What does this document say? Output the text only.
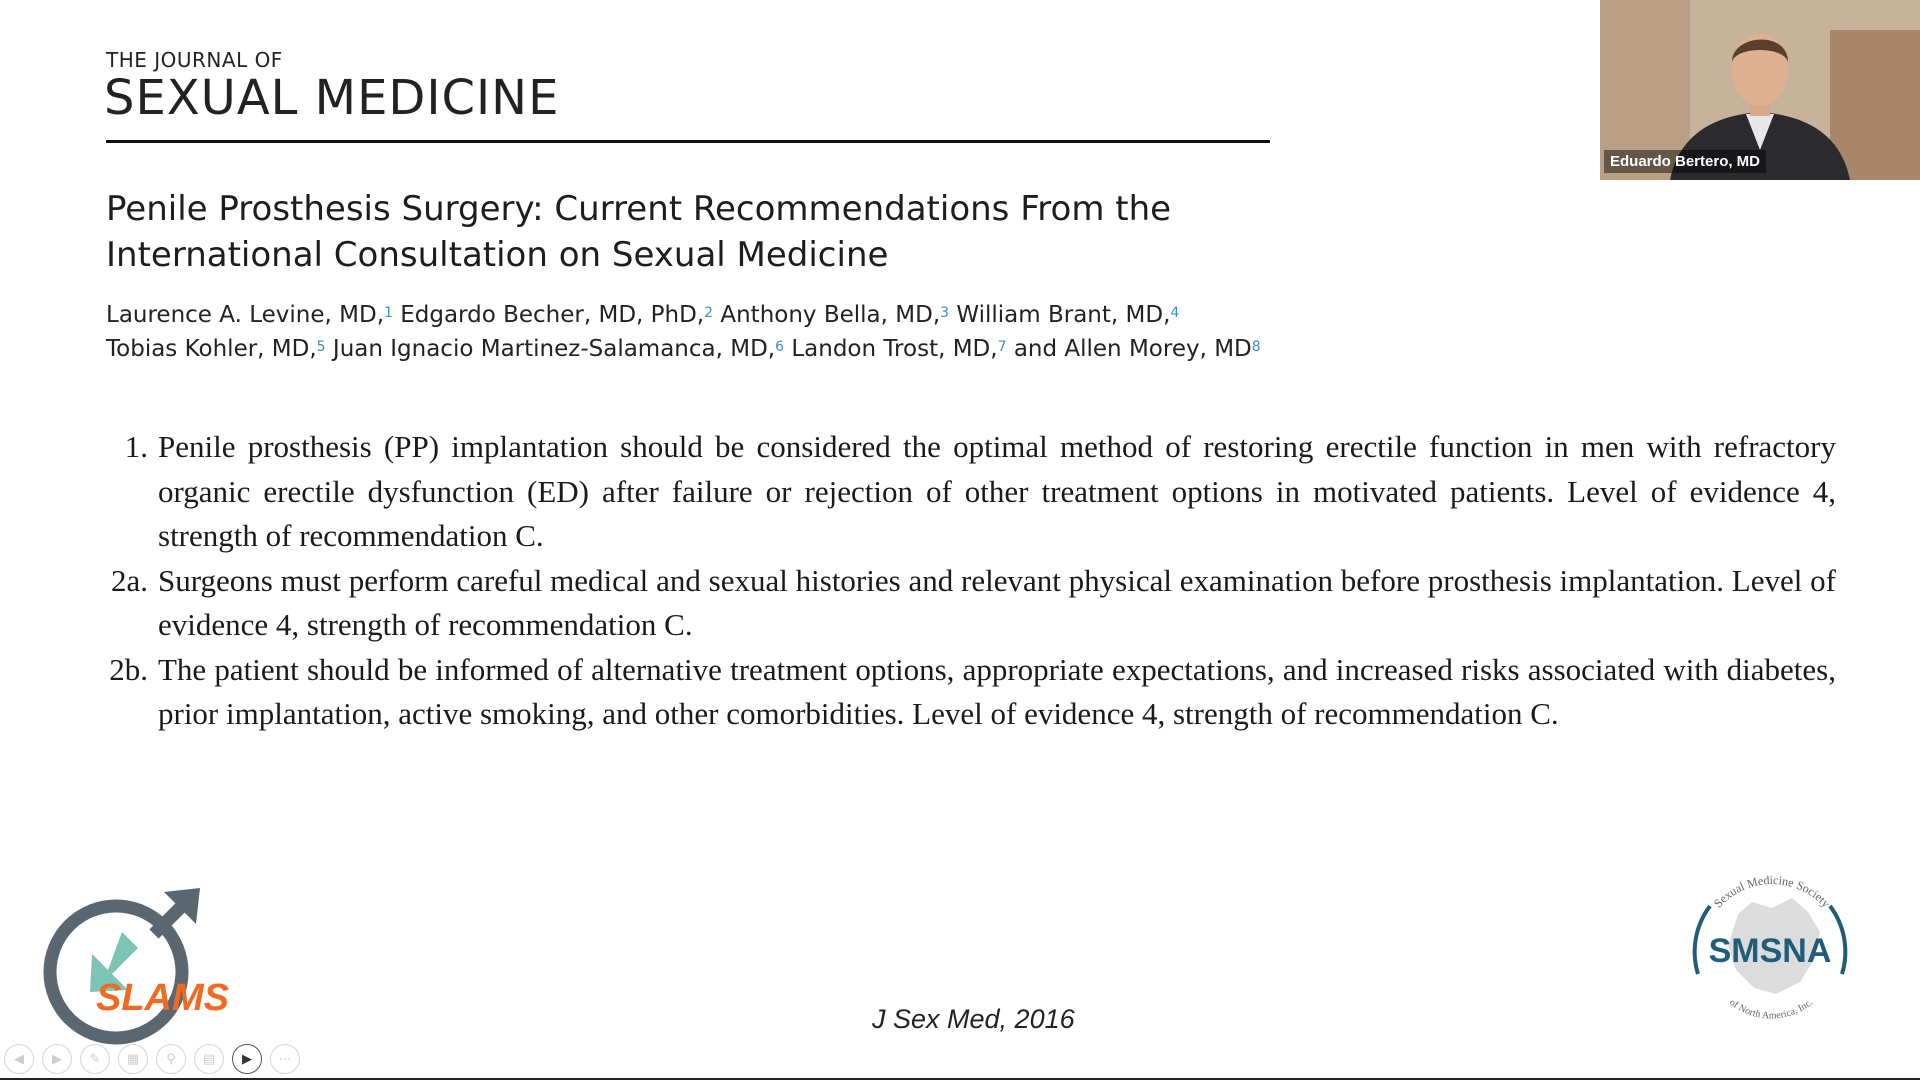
THE JOURNAL OF
SEXUAL MEDICINE
Penile Prosthesis Surgery: Current Recommendations From the
International Consultation on Sexual Medicine
Laurence A. Levine, MD,$^1$ Edgardo Becher, MD, PhD,$^2$ Anthony Bella, MD,$^3$ William Brant, MD,$^4$
Tobias Kohler, MD,$^5$ Juan Ignacio Martinez-Salamanca, MD,$^6$ Landon Trost, MD,$^7$ and Allen Morey, $MD^8$
1. Penile prosthesis (PP) implantation should be considered the optimal method of restoring erectile function in men with refractory organic erectile dysfunction (ED) after failure or rejection of other treatment options in motivated patients. Level of evidence 4, strength of recommendation C.
2a. Surgeons must perform careful medical and sexual histories and relevant physical examination before prosthesis implantation. Level of evidence 4, strength of recommendation C.
2b. The patient should be informed of alternative treatment options, appropriate expectations, and increased risks associated with diabetes, prior implantation, active smoking, and other comorbidities. Level of evidence 4, strength of recommendation C.
J Sex Med, 2016
SLAMS
Sexual Medicine Society
of North America, Inc.
SMSNA
◀	▶	✎	▦	⚲	▤	▶	⋯
Eduardo Bertero, MD
